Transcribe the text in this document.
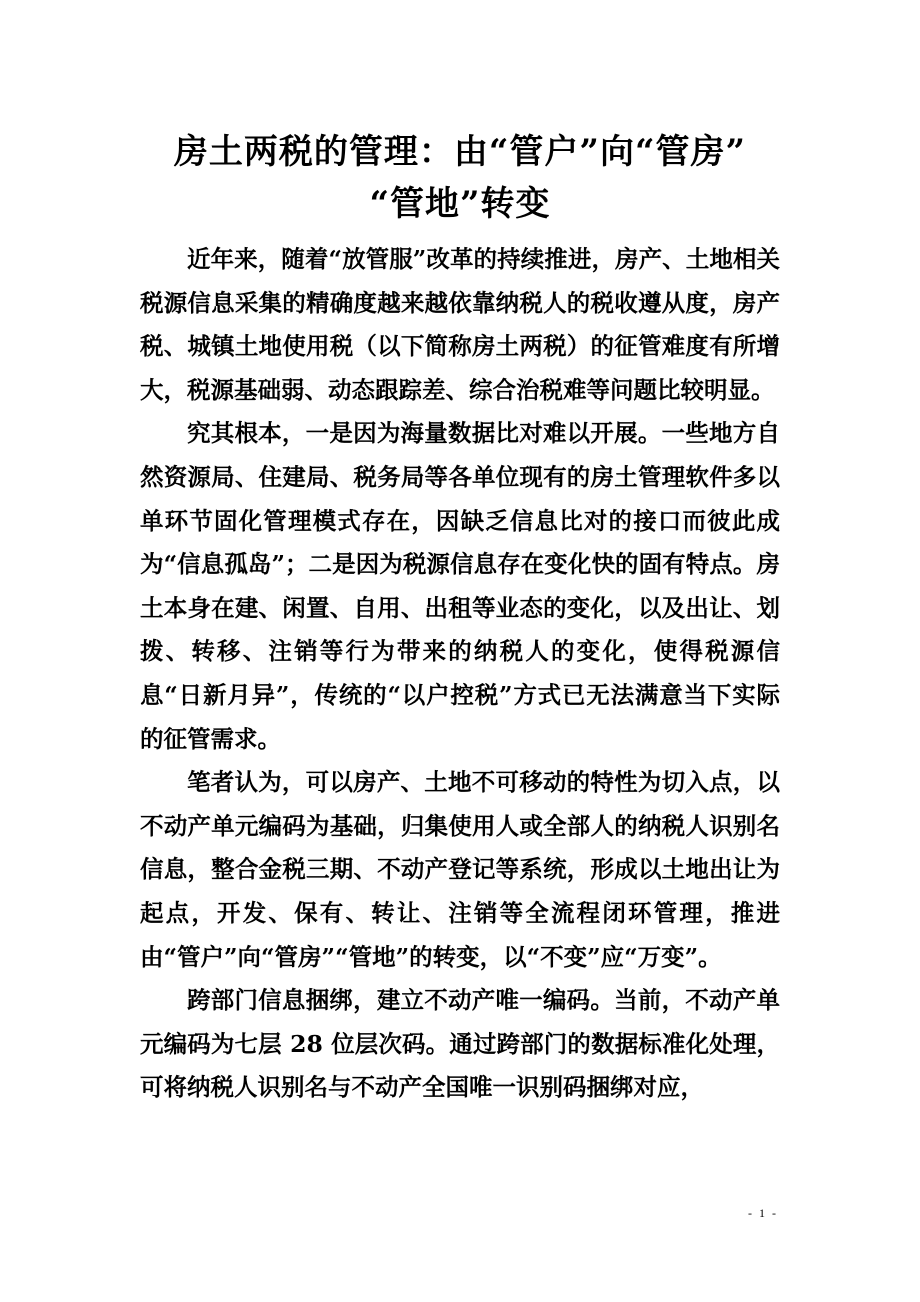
房土两税的管理：由“管户”向“管房”
“管地”转变

近年来，随着“放管服”改革的持续推进，房产、土地相关税源信息采集的精确度越来越依靠纳税人的税收遵从度，房产税、城镇土地使用税（以下简称房土两税）的征管难度有所增大，税源基础弱、动态跟踪差、综合治税难等问题比较明显。

究其根本，一是因为海量数据比对难以开展。一些地方自然资源局、住建局、税务局等各单位现有的房土管理软件多以单环节固化管理模式存在，因缺乏信息比对的接口而彼此成为“信息孤岛”；二是因为税源信息存在变化快的固有特点。房土本身在建、闲置、自用、出租等业态的变化，以及出让、划拨、转移、注销等行为带来的纳税人的变化，使得税源信息“日新月异”，传统的“以户控税”方式已无法满意当下实际的征管需求。

笔者认为，可以房产、土地不可移动的特性为切入点，以不动产单元编码为基础，归集使用人或全部人的纳税人识别名信息，整合金税三期、不动产登记等系统，形成以土地出让为起点，开发、保有、转让、注销等全流程闭环管理，推进由“管户”向“管房”“管地”的转变，以“不变”应“万变”。

跨部门信息捆绑，建立不动产唯一编码。当前，不动产单元编码为七层 28 位层次码。通过跨部门的数据标准化处理，可将纳税人识别名与不动产全国唯一识别码捆绑对应，

- 1 -
